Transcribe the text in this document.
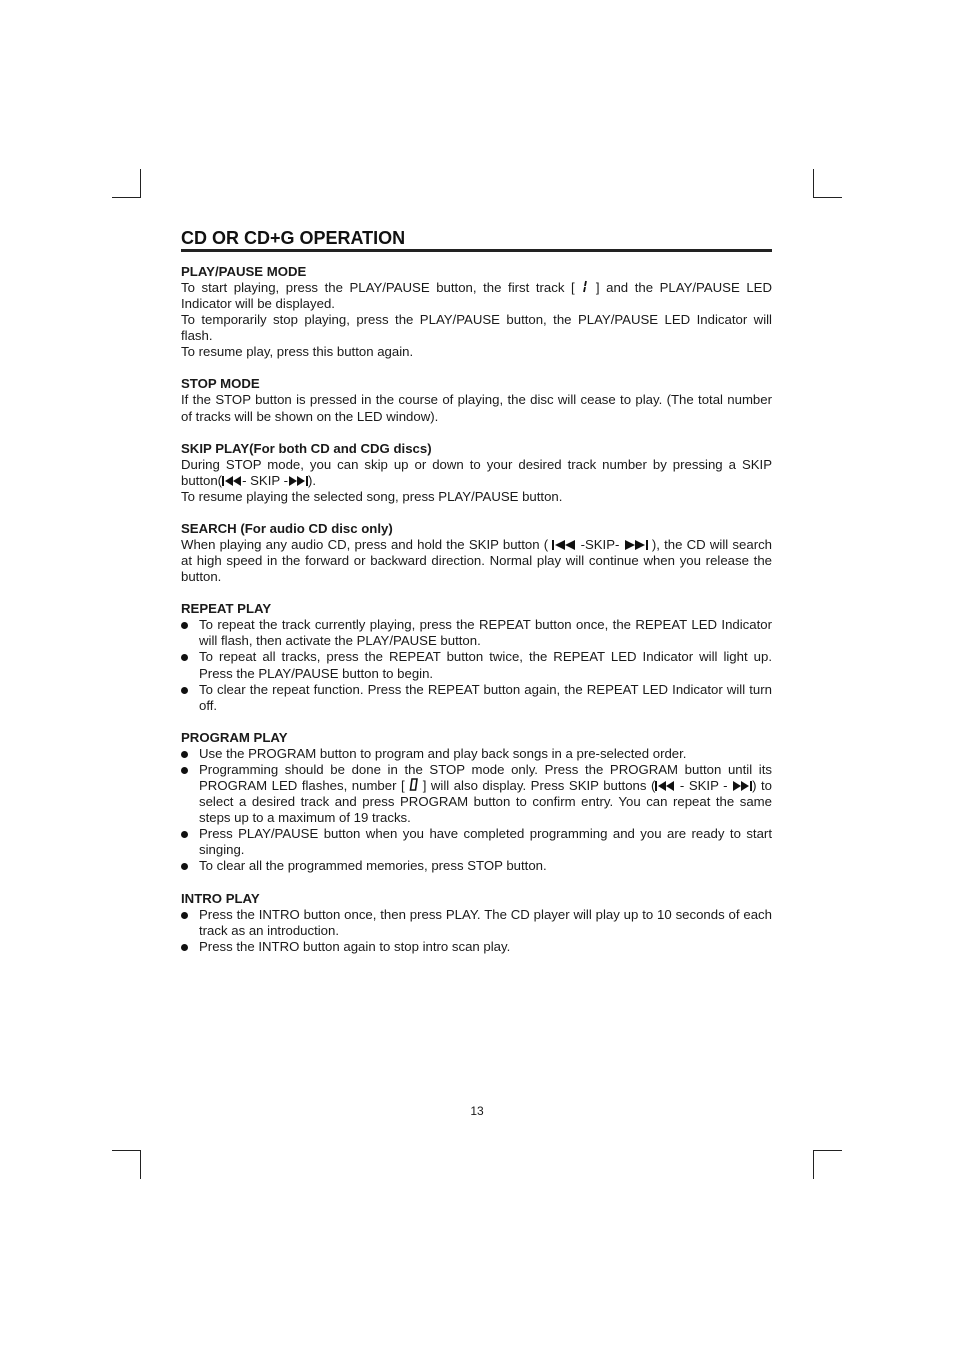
CD OR CD+G OPERATION
PLAY/PAUSE MODE
To start playing, press the PLAY/PAUSE button, the first track [ ] and the PLAY/PAUSE LED Indicator will be displayed.
To temporarily stop playing, press the PLAY/PAUSE button, the PLAY/PAUSE LED Indicator will flash.
To resume play, press this button again.
STOP MODE
If the STOP button is pressed in the course of playing, the disc will cease to play. (The total number of tracks will be shown on the LED window).
SKIP PLAY(For both CD and CDG discs)
During STOP mode, you can skip up or down to your desired track number by pressing a SKIP button( - SKIP - ).
To resume playing the selected song, press PLAY/PAUSE button.
SEARCH (For audio CD disc only)
When playing any audio CD, press and hold the SKIP button ( -SKIP- ), the CD will search at high speed in the forward or backward direction. Normal play will continue when you release the button.
REPEAT PLAY
To repeat the track currently playing, press the REPEAT button once, the REPEAT LED Indicator will flash, then activate the PLAY/PAUSE button.
To repeat all tracks, press the REPEAT button twice, the REPEAT LED Indicator will light up. Press the PLAY/PAUSE button to begin.
To clear the repeat function. Press the REPEAT button again, the REPEAT LED Indicator will turn off.
PROGRAM PLAY
Use the PROGRAM button to program and play back songs in a pre-selected order.
Programming should be done in the STOP mode only. Press the PROGRAM button until its PROGRAM LED flashes, number [ ] will also display. Press SKIP buttons ( - SKIP - ) to select a desired track and press PROGRAM button to confirm entry. You can repeat the same steps up to a maximum of 19 tracks.
Press PLAY/PAUSE button when you have completed programming and you are ready to start singing.
To clear all the programmed memories, press STOP button.
INTRO PLAY
Press the INTRO button once, then press PLAY. The CD player will play up to 10 seconds of each track as an introduction.
Press the INTRO button again to stop intro scan play.
13
